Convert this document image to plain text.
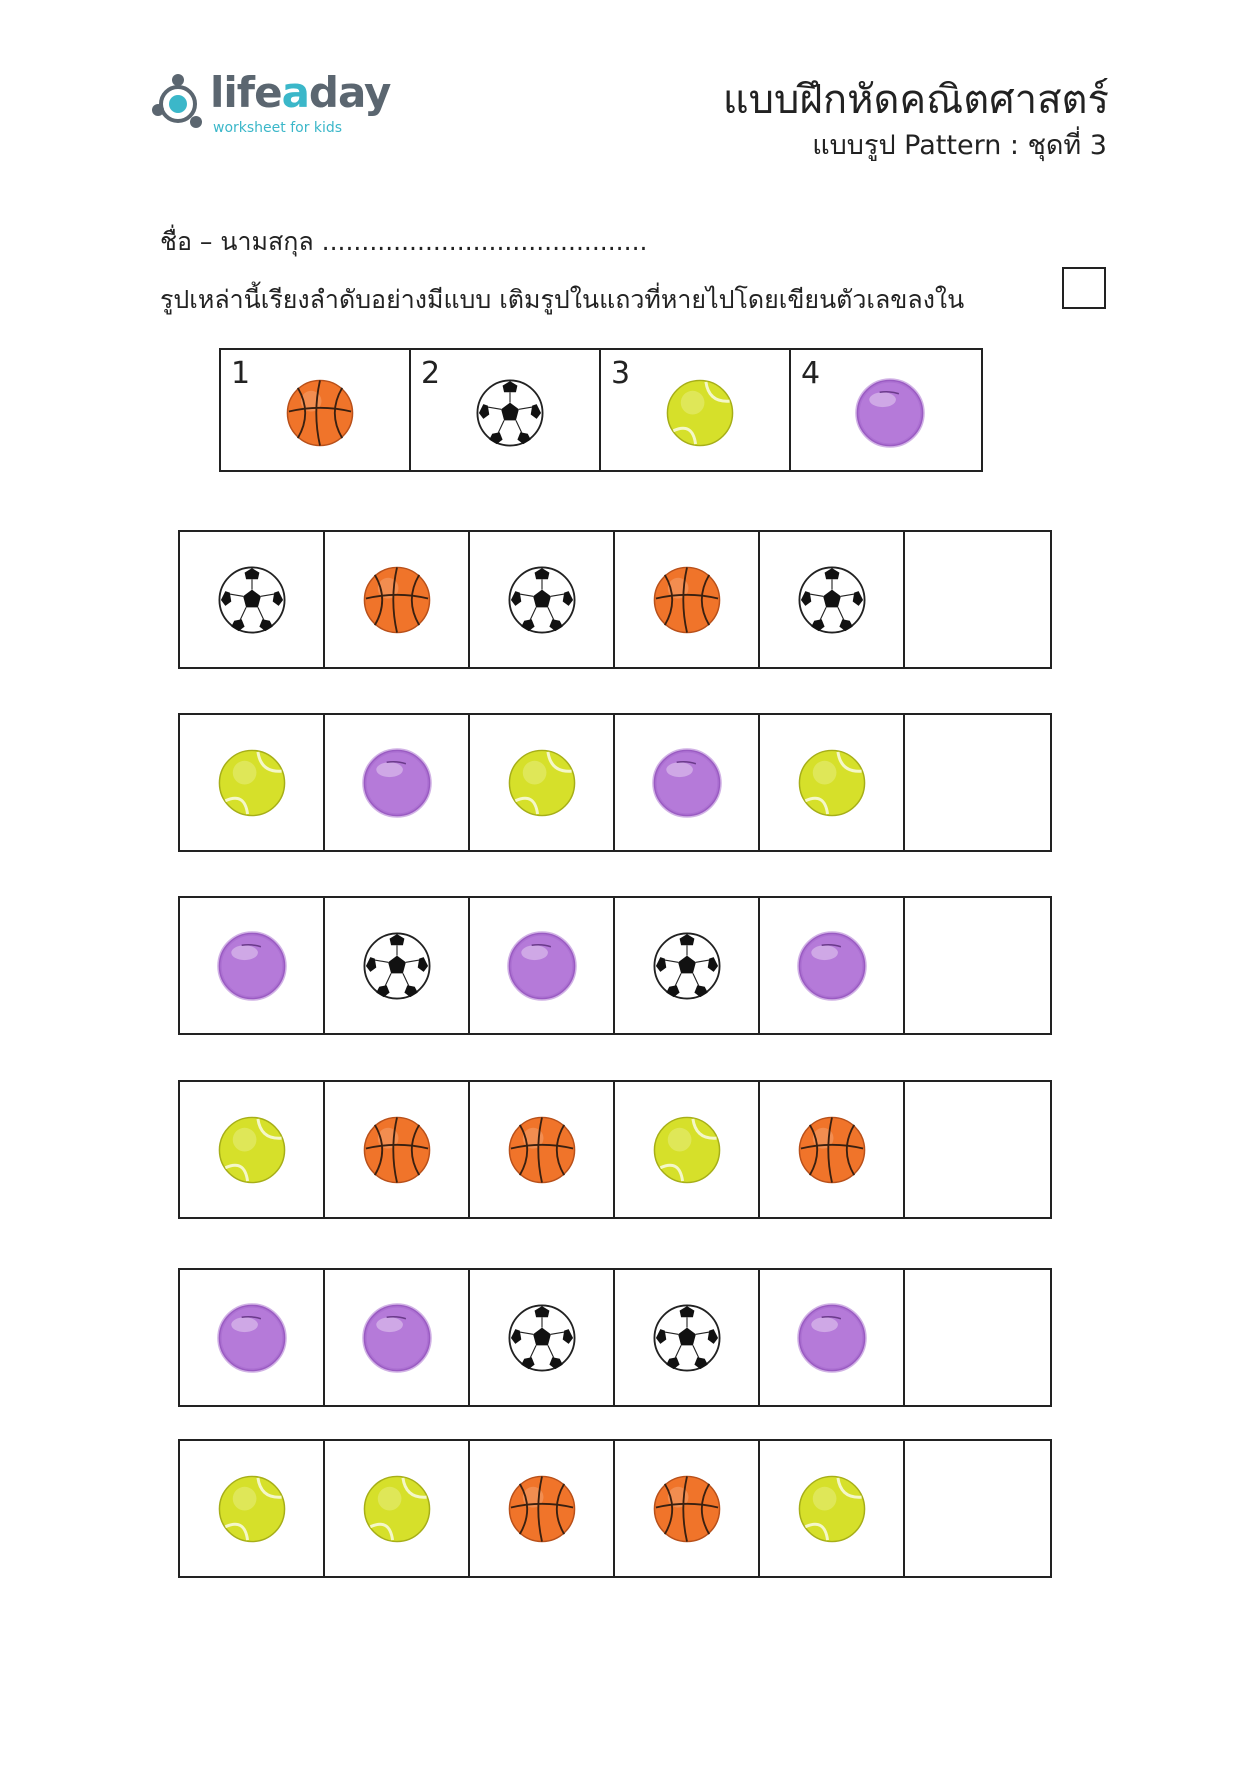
lifeaday
worksheet for kids
แบบฝึกหัดคณิตศาสตร์
แบบรูป Pattern : ชุดที่ 3
ชื่อ – นามสกุล .........................................
รูปเหล่านี้เรียงลำดับอย่างมีแบบ เติมรูปในแถวที่หายไปโดยเขียนตัวเลขลงใน
1	2	3	4
